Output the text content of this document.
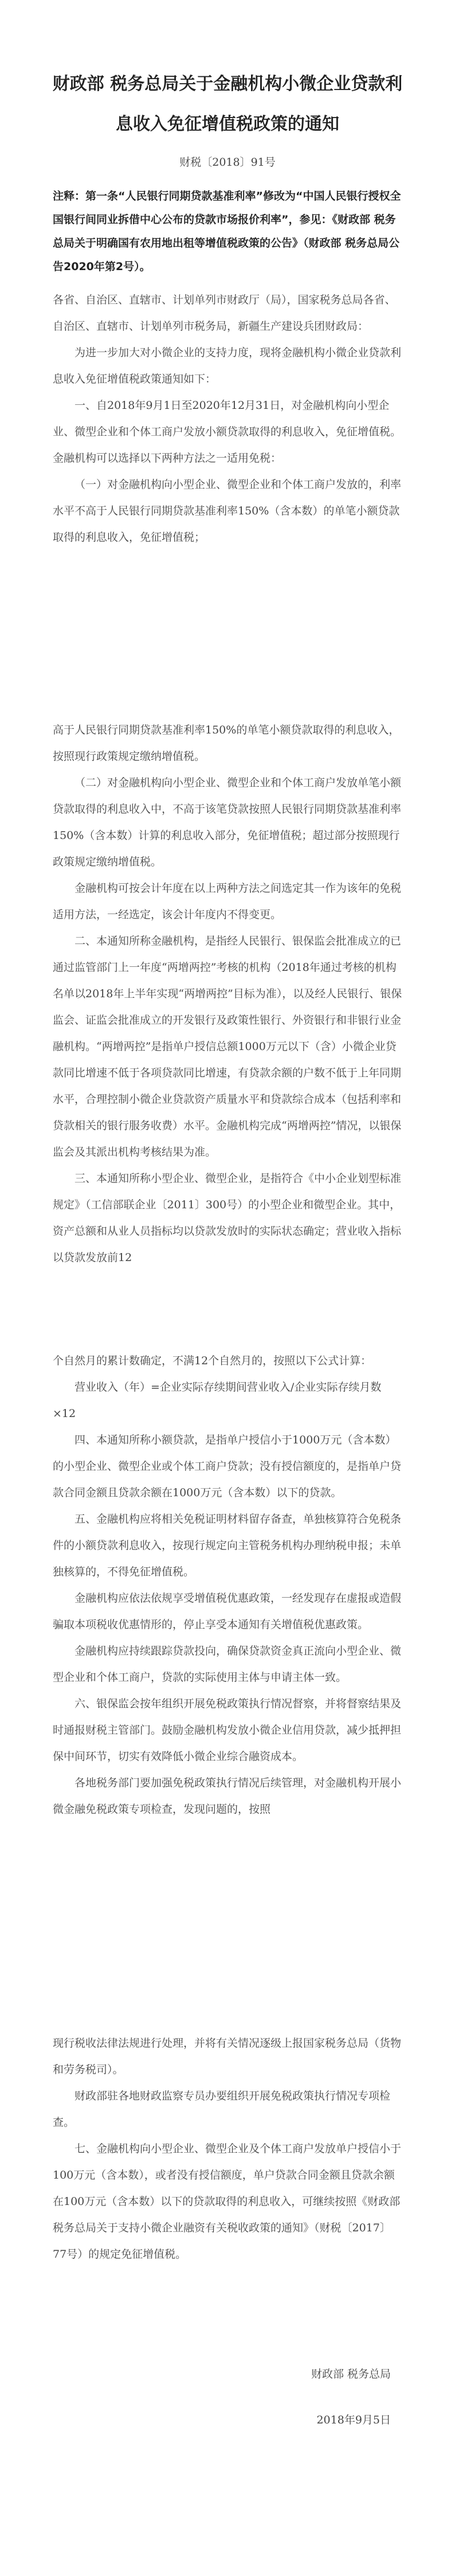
财政部 税务总局关于金融机构小微企业贷款利息收入免征增值税政策的通知
财税〔2018〕91号
注释：第一条“人民银行同期贷款基准利率”修改为“中国人民银行授权全国银行间同业拆借中心公布的贷款市场报价利率”，参见：《财政部 税务总局关于明确国有农用地出租等增值税政策的公告》（财政部 税务总局公告2020年第2号）。

各省、自治区、直辖市、计划单列市财政厅（局），国家税务总局各省、自治区、直辖市、计划单列市税务局，新疆生产建设兵团财政局：

为进一步加大对小微企业的支持力度，现将金融机构小微企业贷款利息收入免征增值税政策通知如下：

一、自2018年9月1日至2020年12月31日，对金融机构向小型企业、微型企业和个体工商户发放小额贷款取得的利息收入，免征增值税。金融机构可以选择以下两种方法之一适用免税：

（一）对金融机构向小型企业、微型企业和个体工商户发放的，利率水平不高于人民银行同期贷款基准利率150%（含本数）的单笔小额贷款取得的利息收入，免征增值税；

高于人民银行同期贷款基准利率150%的单笔小额贷款取得的利息收入，按照现行政策规定缴纳增值税。

（二）对金融机构向小型企业、微型企业和个体工商户发放单笔小额贷款取得的利息收入中，不高于该笔贷款按照人民银行同期贷款基准利率150%（含本数）计算的利息收入部分，免征增值税；超过部分按照现行政策规定缴纳增值税。

金融机构可按会计年度在以上两种方法之间选定其一作为该年的免税适用方法，一经选定，该会计年度内不得变更。

二、本通知所称金融机构，是指经人民银行、银保监会批准成立的已通过监管部门上一年度“两增两控”考核的机构（2018年通过考核的机构名单以2018年上半年实现“两增两控”目标为准），以及经人民银行、银保监会、证监会批准成立的开发银行及政策性银行、外资银行和非银行业金融机构。“两增两控”是指单户授信总额1000万元以下（含）小微企业贷款同比增速不低于各项贷款同比增速，有贷款余额的户数不低于上年同期水平，合理控制小微企业贷款资产质量水平和贷款综合成本（包括利率和贷款相关的银行服务收费）水平。金融机构完成“两增两控”情况，以银保监会及其派出机构考核结果为准。

三、本通知所称小型企业、微型企业，是指符合《中小企业划型标准规定》（工信部联企业〔2011〕300号）的小型企业和微型企业。其中，资产总额和从业人员指标均以贷款发放时的实际状态确定；营业收入指标以贷款发放前12

个自然月的累计数确定，不满12个自然月的，按照以下公式计算：

营业收入（年）=企业实际存续期间营业收入/企业实际存续月数×12

四、本通知所称小额贷款，是指单户授信小于1000万元（含本数）的小型企业、微型企业或个体工商户贷款；没有授信额度的，是指单户贷款合同金额且贷款余额在1000万元（含本数）以下的贷款。

五、金融机构应将相关免税证明材料留存备查，单独核算符合免税条件的小额贷款利息收入，按现行规定向主管税务机构办理纳税申报；未单独核算的，不得免征增值税。

金融机构应依法依规享受增值税优惠政策，一经发现存在虚报或造假骗取本项税收优惠情形的，停止享受本通知有关增值税优惠政策。

金融机构应持续跟踪贷款投向，确保贷款资金真正流向小型企业、微型企业和个体工商户，贷款的实际使用主体与申请主体一致。

六、银保监会按年组织开展免税政策执行情况督察，并将督察结果及时通报财税主管部门。鼓励金融机构发放小微企业信用贷款，减少抵押担保中间环节，切实有效降低小微企业综合融资成本。

各地税务部门要加强免税政策执行情况后续管理，对金融机构开展小微金融免税政策专项检查，发现问题的，按照

现行税收法律法规进行处理，并将有关情况逐级上报国家税务总局（货物和劳务税司）。

财政部驻各地财政监察专员办要组织开展免税政策执行情况专项检查。

七、金融机构向小型企业、微型企业及个体工商户发放单户授信小于100万元（含本数），或者没有授信额度，单户贷款合同金额且贷款余额在100万元（含本数）以下的贷款取得的利息收入，可继续按照《财政部 税务总局关于支持小微企业融资有关税收政策的通知》（财税〔2017〕77号）的规定免征增值税。

财政部 税务总局
2018年9月5日
